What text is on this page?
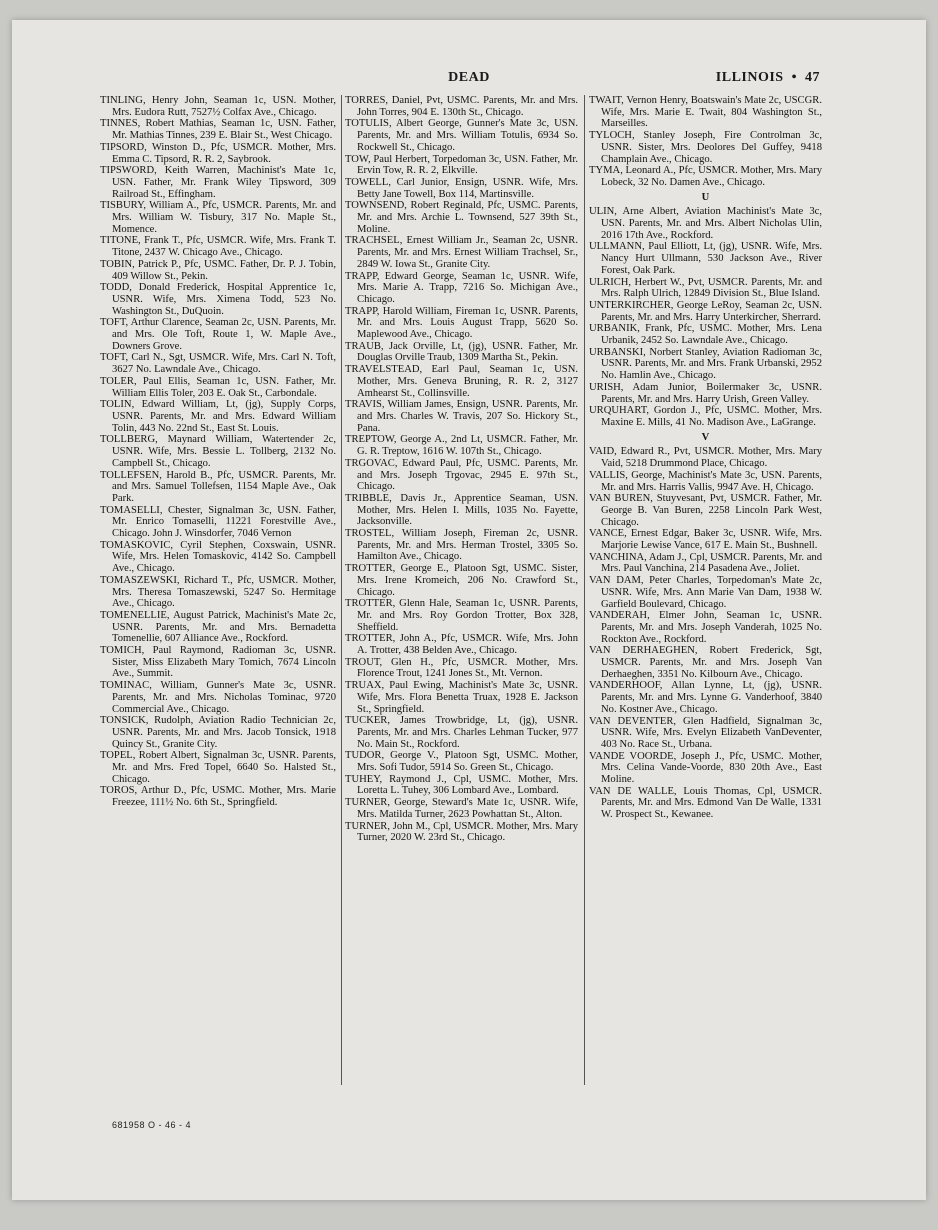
DEAD	ILLINOIS • 47

TINLING, Henry John, Seaman 1c, USN. Mother, Mrs. Eudora Rutt, 7527½ Colfax Ave., Chicago.

TINNES, Robert Mathias, Seaman 1c, USN. Father, Mr. Mathias Tinnes, 239 E. Blair St., West Chicago.

TIPSORD, Winston D., Pfc, USMCR. Mother, Mrs. Emma C. Tipsord, R. R. 2, Saybrook.

TIPSWORD, Keith Warren, Machinist's Mate 1c, USN. Father, Mr. Frank Wiley Tipsword, 309 Railroad St., Effingham.

TISBURY, William A., Pfc, USMCR. Parents, Mr. and Mrs. William W. Tisbury, 317 No. Maple St., Momence.

TITONE, Frank T., Pfc, USMCR. Wife, Mrs. Frank T. Titone, 2437 W. Chicago Ave., Chicago.

TOBIN, Patrick P., Pfc, USMC. Father, Dr. P. J. Tobin, 409 Willow St., Pekin.

TODD, Donald Frederick, Hospital Apprentice 1c, USNR. Wife, Mrs. Ximena Todd, 523 No. Washington St., DuQuoin.

TOFT, Arthur Clarence, Seaman 2c, USN. Parents, Mr. and Mrs. Ole Toft, Route 1, W. Maple Ave., Downers Grove.

TOFT, Carl N., Sgt, USMCR. Wife, Mrs. Carl N. Toft, 3627 No. Lawndale Ave., Chicago.

TOLER, Paul Ellis, Seaman 1c, USN. Father, Mr. William Ellis Toler, 203 E. Oak St., Carbondale.

TOLIN, Edward William, Lt, (jg), Supply Corps, USNR. Parents, Mr. and Mrs. Edward William Tolin, 443 No. 22nd St., East St. Louis.

TOLLBERG, Maynard William, Watertender 2c, USNR. Wife, Mrs. Bessie L. Tollberg, 2132 No. Campbell St., Chicago.

TOLLEFSEN, Harold B., Pfc, USMCR. Parents, Mr. and Mrs. Samuel Tollefsen, 1154 Maple Ave., Oak Park.

TOMASELLI, Chester, Signalman 3c, USN. Father, Mr. Enrico Tomaselli, 11221 Forestville Ave., Chicago. John J. Winsdorfer, 7046 Vernon

TOMASKOVIC, Cyril Stephen, Coxswain, USNR. Wife, Mrs. Helen Tomaskovic, 4142 So. Campbell Ave., Chicago.

TOMASZEWSKI, Richard T., Pfc, USMCR. Mother, Mrs. Theresa Tomaszewski, 5247 So. Hermitage Ave., Chicago.

TOMENELLIE, August Patrick, Machinist's Mate 2c, USNR. Parents, Mr. and Mrs. Bernadetta Tomenellie, 607 Alliance Ave., Rockford.

TOMICH, Paul Raymond, Radioman 3c, USNR. Sister, Miss Elizabeth Mary Tomich, 7674 Lincoln Ave., Summit.

TOMINAC, William, Gunner's Mate 3c, USNR. Parents, Mr. and Mrs. Nicholas Tominac, 9720 Commercial Ave., Chicago.

TONSICK, Rudolph, Aviation Radio Technician 2c, USNR. Parents, Mr. and Mrs. Jacob Tonsick, 1918 Quincy St., Granite City.

TOPEL, Robert Albert, Signalman 3c, USNR. Parents, Mr. and Mrs. Fred Topel, 6640 So. Halsted St., Chicago.

TOROS, Arthur D., Pfc, USMC. Mother, Mrs. Marie Freezee, 111½ No. 6th St., Springfield.

TORRES, Daniel, Pvt, USMC. Parents, Mr. and Mrs. John Torres, 904 E. 130th St., Chicago.

TOTULIS, Albert George, Gunner's Mate 3c, USN. Parents, Mr. and Mrs. William Totulis, 6934 So. Rockwell St., Chicago.

TOW, Paul Herbert, Torpedoman 3c, USN. Father, Mr. Ervin Tow, R. R. 2, Elkville.

TOWELL, Carl Junior, Ensign, USNR. Wife, Mrs. Betty Jane Towell, Box 114, Martinsville.

TOWNSEND, Robert Reginald, Pfc, USMC. Parents, Mr. and Mrs. Archie L. Townsend, 527 39th St., Moline.

TRACHSEL, Ernest William Jr., Seaman 2c, USNR. Parents, Mr. and Mrs. Ernest William Trachsel, Sr., 2849 W. Iowa St., Granite City.

TRAPP, Edward George, Seaman 1c, USNR. Wife, Mrs. Marie A. Trapp, 7216 So. Michigan Ave., Chicago.

TRAPP, Harold William, Fireman 1c, USNR. Parents, Mr. and Mrs. Louis August Trapp, 5620 So. Maplewood Ave., Chicago.

TRAUB, Jack Orville, Lt, (jg), USNR. Father, Mr. Douglas Orville Traub, 1309 Martha St., Pekin.

TRAVELSTEAD, Earl Paul, Seaman 1c, USN. Mother, Mrs. Geneva Bruning, R. R. 2, 3127 Amhearst St., Collinsville.

TRAVIS, William James, Ensign, USNR. Parents, Mr. and Mrs. Charles W. Travis, 207 So. Hickory St., Pana.

TREPTOW, George A., 2nd Lt, USMCR. Father, Mr. G. R. Treptow, 1616 W. 107th St., Chicago.

TRGOVAC, Edward Paul, Pfc, USMC. Parents, Mr. and Mrs. Joseph Trgovac, 2945 E. 97th St., Chicago.

TRIBBLE, Davis Jr., Apprentice Seaman, USN. Mother, Mrs. Helen I. Mills, 1035 No. Fayette, Jacksonville.

TROSTEL, William Joseph, Fireman 2c, USNR. Parents, Mr. and Mrs. Herman Trostel, 3305 So. Hamilton Ave., Chicago.

TROTTER, George E., Platoon Sgt, USMC. Sister, Mrs. Irene Kromeich, 206 No. Crawford St., Chicago.

TROTTER, Glenn Hale, Seaman 1c, USNR. Parents, Mr. and Mrs. Roy Gordon Trotter, Box 328, Sheffield.

TROTTER, John A., Pfc, USMCR. Wife, Mrs. John A. Trotter, 438 Belden Ave., Chicago.

TROUT, Glen H., Pfc, USMCR. Mother, Mrs. Florence Trout, 1241 Jones St., Mt. Vernon.

TRUAX, Paul Ewing, Machinist's Mate 3c, USNR. Wife, Mrs. Flora Benetta Truax, 1928 E. Jackson St., Springfield.

TUCKER, James Trowbridge, Lt, (jg), USNR. Parents, Mr. and Mrs. Charles Lehman Tucker, 977 No. Main St., Rockford.

TUDOR, George V., Platoon Sgt, USMC. Mother, Mrs. Sofi Tudor, 5914 So. Green St., Chicago.

TUHEY, Raymond J., Cpl, USMC. Mother, Mrs. Loretta L. Tuhey, 306 Lombard Ave., Lombard.

TURNER, George, Steward's Mate 1c, USNR. Wife, Mrs. Matilda Turner, 2623 Powhattan St., Alton.

TURNER, John M., Cpl, USMCR. Mother, Mrs. Mary Turner, 2020 W. 23rd St., Chicago.

TWAIT, Vernon Henry, Boatswain's Mate 2c, USCGR. Wife, Mrs. Marie E. Twait, 804 Washington St., Marseilles.

TYLOCH, Stanley Joseph, Fire Controlman 3c, USNR. Sister, Mrs. Deolores Del Guffey, 9418 Champlain Ave., Chicago.

TYMA, Leonard A., Pfc, USMCR. Mother, Mrs. Mary Lobeck, 32 No. Damen Ave., Chicago.

U

ULIN, Arne Albert, Aviation Machinist's Mate 3c, USN. Parents, Mr. and Mrs. Albert Nicholas Ulin, 2016 17th Ave., Rockford.

ULLMANN, Paul Elliott, Lt, (jg), USNR. Wife, Mrs. Nancy Hurt Ullmann, 530 Jackson Ave., River Forest, Oak Park.

ULRICH, Herbert W., Pvt, USMCR. Parents, Mr. and Mrs. Ralph Ulrich, 12849 Division St., Blue Island.

UNTERKIRCHER, George LeRoy, Seaman 2c, USN. Parents, Mr. and Mrs. Harry Unterkircher, Sherrard.

URBANIK, Frank, Pfc, USMC. Mother, Mrs. Lena Urbanik, 2452 So. Lawndale Ave., Chicago.

URBANSKI, Norbert Stanley, Aviation Radioman 3c, USNR. Parents, Mr. and Mrs. Frank Urbanski, 2952 No. Hamlin Ave., Chicago.

URISH, Adam Junior, Boilermaker 3c, USNR. Parents, Mr. and Mrs. Harry Urish, Green Valley.

URQUHART, Gordon J., Pfc, USMC. Mother, Mrs. Maxine E. Mills, 41 No. Madison Ave., LaGrange.

V

VAID, Edward R., Pvt, USMCR. Mother, Mrs. Mary Vaid, 5218 Drummond Place, Chicago.

VALLIS, George, Machinist's Mate 3c, USN. Parents, Mr. and Mrs. Harris Vallis, 9947 Ave. H, Chicago.

VAN BUREN, Stuyvesant, Pvt, USMCR. Father, Mr. George B. Van Buren, 2258 Lincoln Park West, Chicago.

VANCE, Ernest Edgar, Baker 3c, USNR. Wife, Mrs. Marjorie Lewise Vance, 617 E. Main St., Bushnell.

VANCHINA, Adam J., Cpl, USMCR. Parents, Mr. and Mrs. Paul Vanchina, 214 Pasadena Ave., Joliet.

VAN DAM, Peter Charles, Torpedoman's Mate 2c, USNR. Wife, Mrs. Ann Marie Van Dam, 1938 W. Garfield Boulevard, Chicago.

VANDERAH, Elmer John, Seaman 1c, USNR. Parents, Mr. and Mrs. Joseph Vanderah, 1025 No. Rockton Ave., Rockford.

VAN DERHAEGHEN, Robert Frederick, Sgt, USMCR. Parents, Mr. and Mrs. Joseph Van Derhaeghen, 3351 No. Kilbourn Ave., Chicago.

VANDERHOOF, Allan Lynne, Lt, (jg), USNR. Parents, Mr. and Mrs. Lynne G. Vanderhoof, 3840 No. Kostner Ave., Chicago.

VAN DEVENTER, Glen Hadfield, Signalman 3c, USNR. Wife, Mrs. Evelyn Elizabeth VanDeventer, 403 No. Race St., Urbana.

VANDE VOORDE, Joseph J., Pfc, USMC. Mother, Mrs. Celina Vande-Voorde, 830 20th Ave., East Moline.

VAN DE WALLE, Louis Thomas, Cpl, USMCR. Parents, Mr. and Mrs. Edmond Van De Walle, 1331 W. Prospect St., Kewanee.

681958 O - 46 - 4
